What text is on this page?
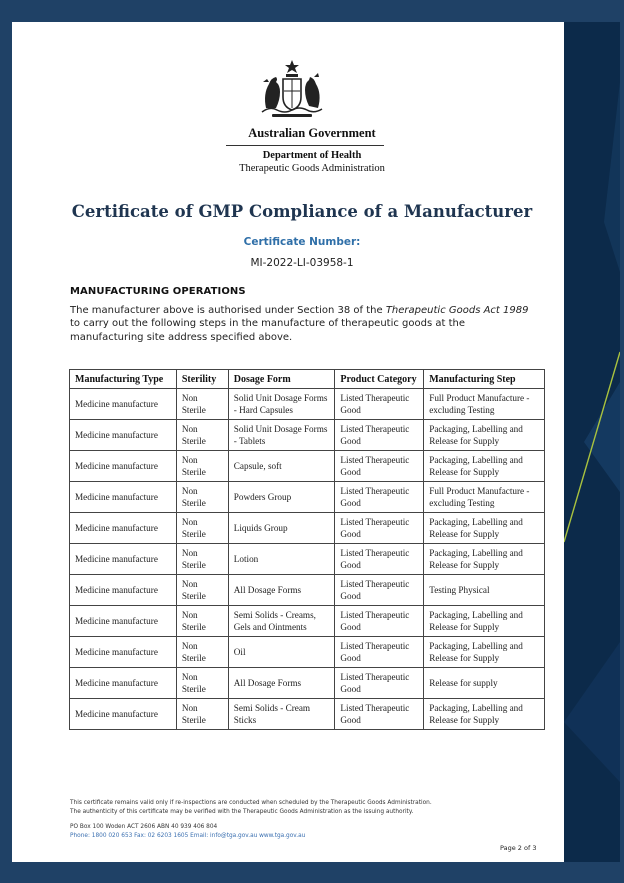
Australian Government
Department of Health
Therapeutic Goods Administration
Certificate of GMP Compliance of a Manufacturer
Certificate Number:
MI-2022-LI-03958-1
MANUFACTURING OPERATIONS
The manufacturer above is authorised under Section 38 of the Therapeutic Goods Act 1989 to carry out the following steps in the manufacture of therapeutic goods at the manufacturing site address specified above.
Manufacturing Type	Sterility	Dosage Form	Product Category	Manufacturing Step
Medicine manufacture	Non Sterile	Solid Unit Dosage Forms - Hard Capsules	Listed Therapeutic Good	Full Product Manufacture - excluding Testing
Medicine manufacture	Non Sterile	Solid Unit Dosage Forms - Tablets	Listed Therapeutic Good	Packaging, Labelling and Release for Supply
Medicine manufacture	Non Sterile	Capsule, soft	Listed Therapeutic Good	Packaging, Labelling and Release for Supply
Medicine manufacture	Non Sterile	Powders Group	Listed Therapeutic Good	Full Product Manufacture - excluding Testing
Medicine manufacture	Non Sterile	Liquids Group	Listed Therapeutic Good	Packaging, Labelling and Release for Supply
Medicine manufacture	Non Sterile	Lotion	Listed Therapeutic Good	Packaging, Labelling and Release for Supply
Medicine manufacture	Non Sterile	All Dosage Forms	Listed Therapeutic Good	Testing Physical
Medicine manufacture	Non Sterile	Semi Solids - Creams, Gels and Ointments	Listed Therapeutic Good	Packaging, Labelling and Release for Supply
Medicine manufacture	Non Sterile	Oil	Listed Therapeutic Good	Packaging, Labelling and Release for Supply
Medicine manufacture	Non Sterile	All Dosage Forms	Listed Therapeutic Good	Release for supply
Medicine manufacture	Non Sterile	Semi Solids - Cream Sticks	Listed Therapeutic Good	Packaging, Labelling and Release for Supply
This certificate remains valid only if re-inspections are conducted when scheduled by the Therapeutic Goods Administration.
The authenticity of this certificate may be verified with the Therapeutic Goods Administration as the issuing authority.
PO Box 100 Woden ACT 2606 ABN 40 939 406 804
Phone: 1800 020 653 Fax: 02 6203 1605 Email: info@tga.gov.au www.tga.gov.au
Page 2 of 3
